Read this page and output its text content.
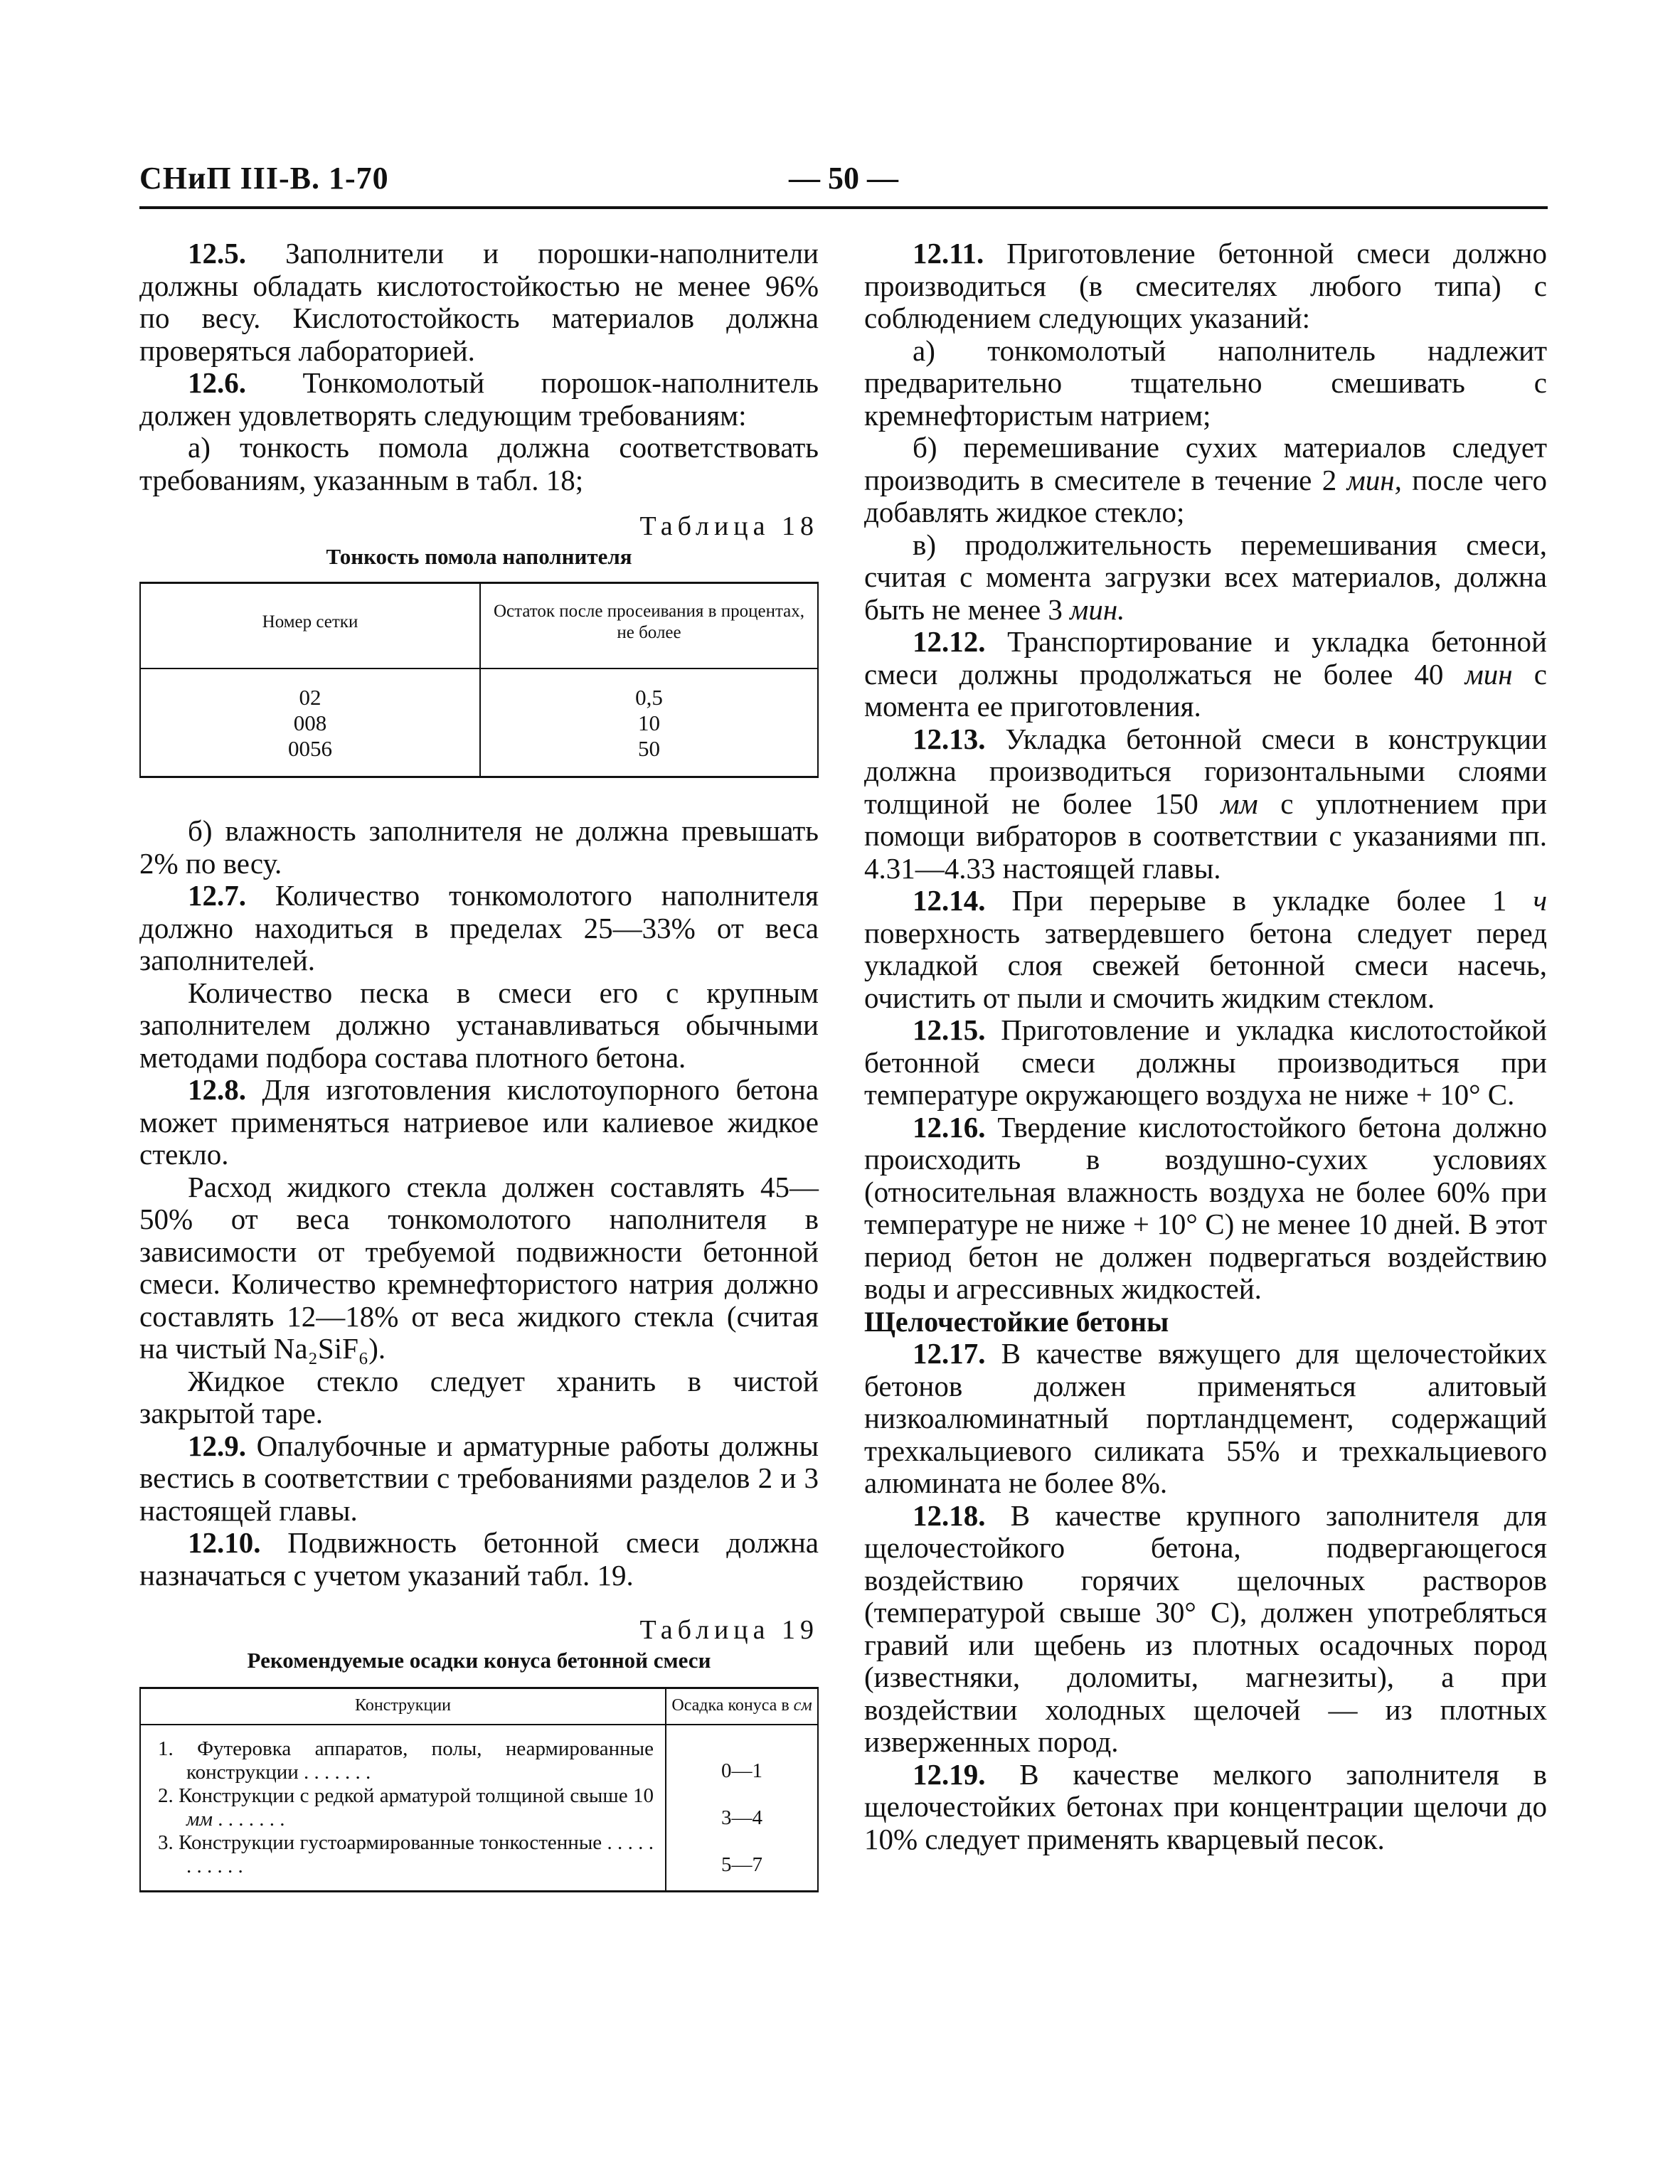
СНиП III-В. 1-70	— 50 —

12.5. Заполнители и порошки-наполнители должны обладать кислотостойкостью не менее 96% по весу. Кислотостойкость материалов должна проверяться лабораторией.

12.6. Тонкомолотый порошок-наполнитель должен удовлетворять следующим требованиям:

а) тонкость помола должна соответствовать требованиям, указанным в табл. 18;

Таблица 18
Тонкость помола наполнителя
Номер сетки	Остаток после просеивания в процентах, не более

02	0,5
008	10
0056	50

б) влажность заполнителя не должна превышать 2% по весу.

12.7. Количество тонкомолотого наполнителя должно находиться в пределах 25—33% от веса заполнителей.

Количество песка в смеси его с крупным заполнителем должно устанавливаться обычными методами подбора состава плотного бетона.

12.8. Для изготовления кислотоупорного бетона может применяться натриевое или калиевое жидкое стекло.

Расход жидкого стекла должен составлять 45—50% от веса тонкомолотого наполнителя в зависимости от требуемой подвижности бетонной смеси. Количество кремнефтористого натрия должно составлять 12—18% от веса жидкого стекла (считая на чистый Na₂SiF₆).

Жидкое стекло следует хранить в чистой закрытой таре.

12.9. Опалубочные и арматурные работы должны вестись в соответствии с требованиями разделов 2 и 3 настоящей главы.

12.10. Подвижность бетонной смеси должна назначаться с учетом указаний табл. 19.

Таблица 19
Рекомендуемые осадки конуса бетонной смеси
Конструкции	Осадка конуса в см

1. Футеровка аппаратов, полы, неармированные конструкции . . . . . . .	0—1

2. Конструкции с редкой арматурой толщиной свыше 10 мм . . . . . . .	3—4

3. Конструкции густоармированные тонкостенные . . . . . . . . . . .	5—7

12.11. Приготовление бетонной смеси должно производиться (в смесителях любого типа) с соблюдением следующих указаний:

а) тонкомолотый наполнитель надлежит предварительно тщательно смешивать с кремнефтористым натрием;

б) перемешивание сухих материалов следует производить в смесителе в течение 2 мин, после чего добавлять жидкое стекло;

в) продолжительность перемешивания смеси, считая с момента загрузки всех материалов, должна быть не менее 3 мин.

12.12. Транспортирование и укладка бетонной смеси должны продолжаться не более 40 мин с момента ее приготовления.

12.13. Укладка бетонной смеси в конструкции должна производиться горизонтальными слоями толщиной не более 150 мм с уплотнением при помощи вибраторов в соответствии с указаниями пп. 4.31—4.33 настоящей главы.

12.14. При перерыве в укладке более 1 ч поверхность затвердевшего бетона следует перед укладкой слоя свежей бетонной смеси насечь, очистить от пыли и смочить жидким стеклом.

12.15. Приготовление и укладка кислотостойкой бетонной смеси должны производиться при температуре окружающего воздуха не ниже + 10° С.

12.16. Твердение кислотостойкого бетона должно происходить в воздушно-сухих условиях (относительная влажность воздуха не более 60% при температуре не ниже + 10° С) не менее 10 дней. В этот период бетон не должен подвергаться воздействию воды и агрессивных жидкостей.

Щелочестойкие бетоны

12.17. В качестве вяжущего для щелочестойких бетонов должен применяться алитовый низкоалюминатный портландцемент, содержащий трехкальциевого силиката 55% и трехкальциевого алюмината не более 8%.

12.18. В качестве крупного заполнителя для щелочестойкого бетона, подвергающегося воздействию горячих щелочных растворов (температурой свыше 30° С), должен употребляться гравий или щебень из плотных осадочных пород (известняки, доломиты, магнезиты), а при воздействии холодных щелочей — из плотных изверженных пород.

12.19. В качестве мелкого заполнителя в щелочестойких бетонах при концентрации щелочи до 10% следует применять кварцевый песок.
